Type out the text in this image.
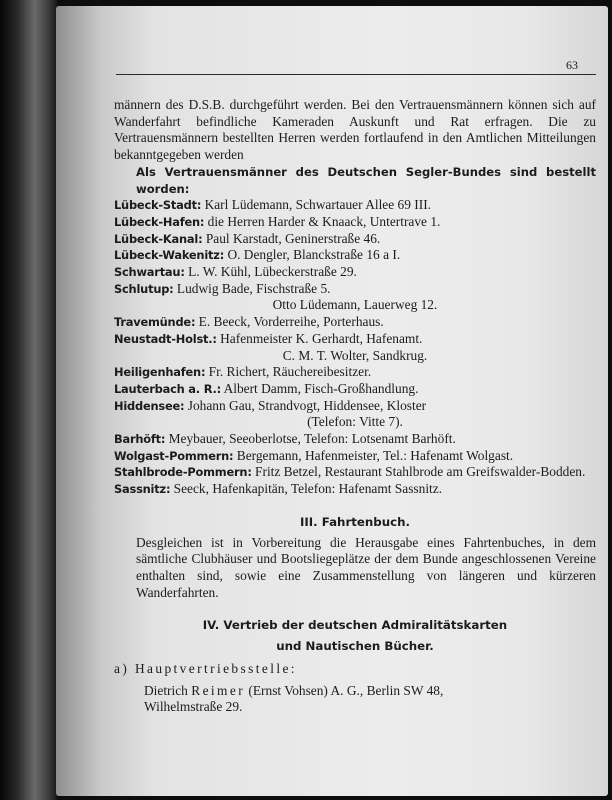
63

männern des D.S.B. durchgeführt werden. Bei den Vertrauensmännern können sich auf Wanderfahrt befindliche Kameraden Auskunft und Rat erfragen. Die zu Vertrauensmännern bestellten Herren werden fortlaufend in den Amtlichen Mitteilungen bekanntgegeben werden

Als Vertrauensmänner des Deutschen Segler-Bundes sind bestellt worden:

Lübeck-Stadt: Karl Lüdemann, Schwartauer Allee 69 III.

Lübeck-Hafen: die Herren Harder & Knaack, Untertrave 1.

Lübeck-Kanal: Paul Karstadt, Geninerstraße 46.

Lübeck-Wakenitz: O. Dengler, Blanckstraße 16 a I.

Schwartau: L. W. Kühl, Lübeckerstraße 29.

Schlutup: Ludwig Bade, Fischstraße 5.

Otto Lüdemann, Lauerweg 12.

Travemünde: E. Beeck, Vorderreihe, Porterhaus.

Neustadt-Holst.: Hafenmeister K. Gerhardt, Hafenamt.

C. M. T. Wolter, Sandkrug.

Heiligenhafen: Fr. Richert, Räuchereibesitzer.

Lauterbach a. R.: Albert Damm, Fisch-Großhandlung.

Hiddensee: Johann Gau, Strandvogt, Hiddensee, Kloster

(Telefon: Vitte 7).

Barhöft: Meybauer, Seeoberlotse, Telefon: Lotsenamt Barhöft.

Wolgast-Pommern: Bergemann, Hafenmeister, Tel.: Hafenamt Wolgast.

Stahlbrode-Pommern: Fritz Betzel, Restaurant Stahlbrode am Greifswalder-Bodden.

Sassnitz: Seeck, Hafenkapitän, Telefon: Hafenamt Sassnitz.

III. Fahrtenbuch.

Desgleichen ist in Vorbereitung die Herausgabe eines Fahrtenbuches, in dem sämtliche Clubhäuser und Bootsliegeplätze der dem Bunde angeschlossenen Vereine enthalten sind, sowie eine Zusammenstellung von längeren und kürzeren Wanderfahrten.

IV. Vertrieb der deutschen Admiralitätskarten
und Nautischen Bücher.

a) Hauptvertriebsstelle:

Dietrich Reimer (Ernst Vohsen) A. G., Berlin SW 48,

Wilhelmstraße 29.
